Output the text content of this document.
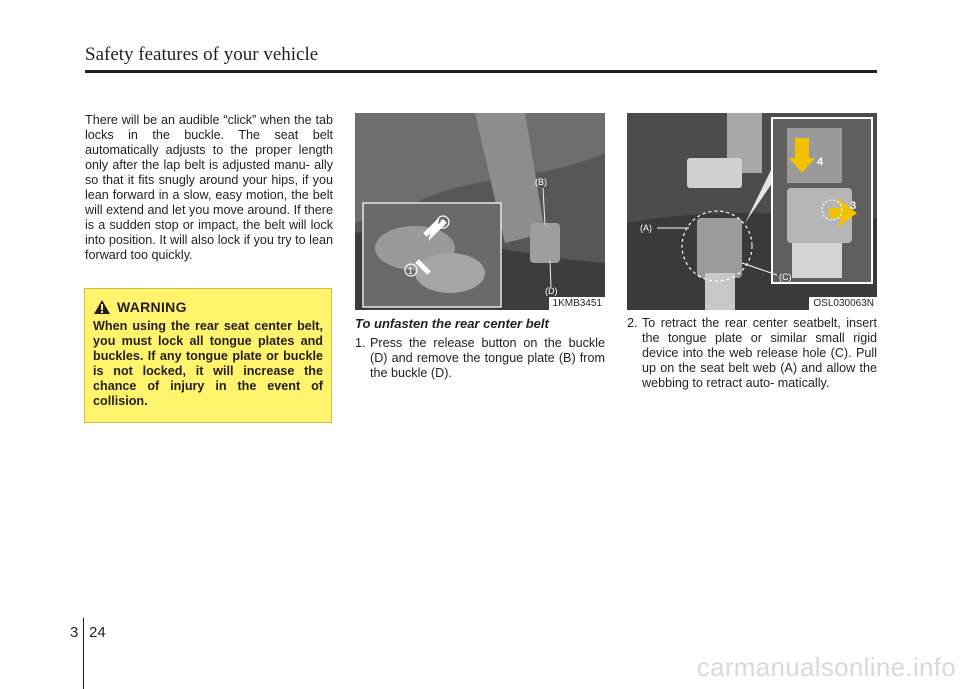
Safety features of your vehicle

There will be an audible “click” when the tab locks in the buckle. The seat belt automatically adjusts to the proper length only after the lap belt is adjusted manu- ally so that it fits snugly around your hips, if you lean forward in a slow, easy motion, the belt will extend and let you move around. If there is a sudden stop or impact, the belt will lock into position. It will also lock if you try to lean forward too quickly.

WARNING

When using the rear seat center belt, you must lock all tongue plates and buckles. If any tongue plate or buckle is not locked, it will increase the chance of injury in the event of collision.

2
1
(B)
(D)
1KMB3451
(A)
(C)
4
3
OSL030063N
To unfasten the rear center belt
1. Press the release button on the buckle (D) and remove the tongue plate (B) from the buckle (D).
2. To retract the rear center seatbelt, insert the tongue plate or similar small rigid device into the web release hole (C). Pull up on the seat belt web (A) and allow the webbing to retract auto- matically.
3 24
carmanualsonline.info
